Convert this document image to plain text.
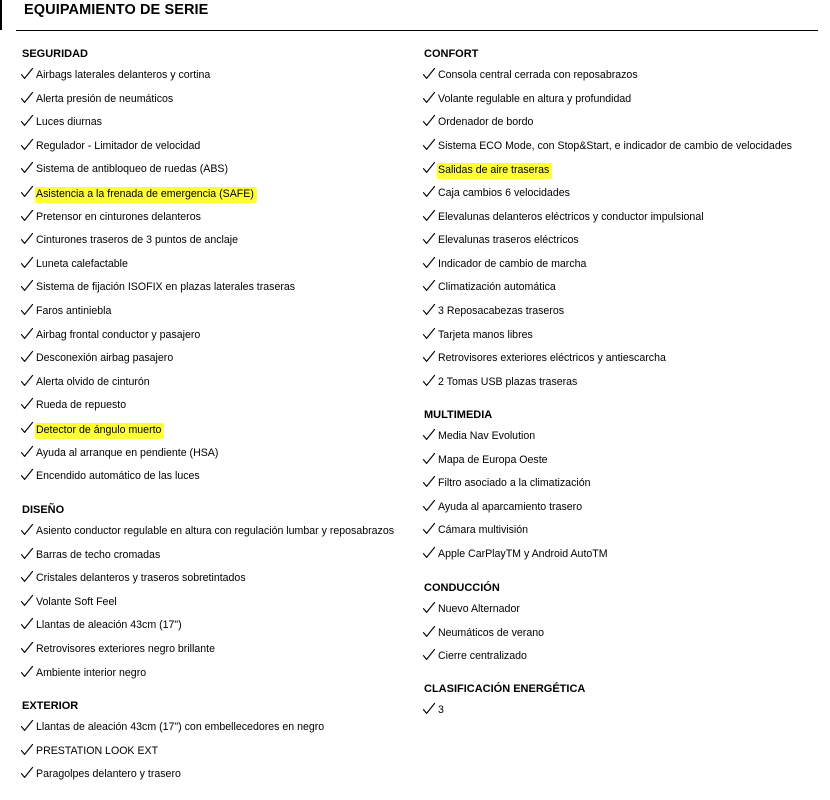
EQUIPAMIENTO DE SERIE
SEGURIDAD
Airbags laterales delanteros y cortina
Alerta presión de neumáticos
Luces diurnas
Regulador - Limitador de velocidad
Sistema de antibloqueo de ruedas (ABS)
Asistencia a la frenada de emergencia (SAFE)
Pretensor en cinturones delanteros
Cinturones traseros de 3 puntos de anclaje
Luneta calefactable
Sistema de fijación ISOFIX en plazas laterales traseras
Faros antiniebla
Airbag frontal conductor y pasajero
Desconexión airbag pasajero
Alerta olvido de cinturón
Rueda de repuesto
Detector de ángulo muerto
Ayuda al arranque en pendiente (HSA)
Encendido automático de las luces
DISEÑO
Asiento conductor regulable en altura con regulación lumbar y reposabrazos
Barras de techo cromadas
Cristales delanteros y traseros sobretintados
Volante Soft Feel
Llantas de aleación 43cm (17")
Retrovisores exteriores negro brillante
Ambiente interior negro
EXTERIOR
Llantas de aleación 43cm (17") con embellecedores en negro
PRESTATION LOOK EXT
Paragolpes delantero y trasero
CONFORT
Consola central cerrada con reposabrazos
Volante regulable en altura y profundidad
Ordenador de bordo
Sistema ECO Mode, con Stop&Start, e indicador de cambio de velocidades
Salidas de aire traseras
Caja cambios 6 velocidades
Elevalunas delanteros eléctricos y conductor impulsional
Elevalunas traseros eléctricos
Indicador de cambio de marcha
Climatización automática
3 Reposacabezas traseros
Tarjeta manos libres
Retrovisores exteriores eléctricos y antiescarcha
2 Tomas USB plazas traseras
MULTIMEDIA
Media Nav Evolution
Mapa de Europa Oeste
Filtro asociado a la climatización
Ayuda al aparcamiento trasero
Cámara multivisión
Apple CarPlayTM y Android AutoTM
CONDUCCIÓN
Nuevo Alternador
Neumáticos de verano
Cierre centralizado
CLASIFICACIÓN ENERGÉTICA
3
